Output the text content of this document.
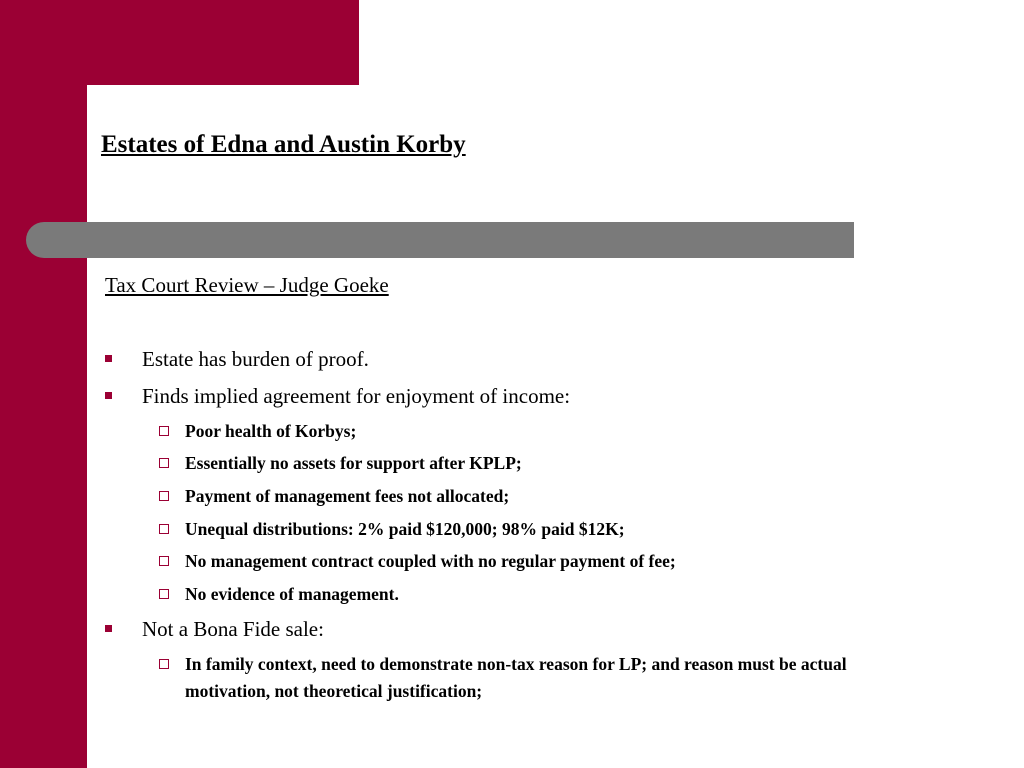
Estates of Edna and Austin Korby
Tax Court Review – Judge Goeke
Estate has burden of proof.
Finds implied agreement for enjoyment of income:
Poor health of Korbys;
Essentially no assets for support after KPLP;
Payment of management fees not allocated;
Unequal distributions: 2% paid $120,000; 98% paid $12K;
No management contract coupled with no regular payment of fee;
No evidence of management.
Not a Bona Fide sale:
In family context, need to demonstrate non-tax reason for LP; and reason must be actual motivation, not theoretical justification;
